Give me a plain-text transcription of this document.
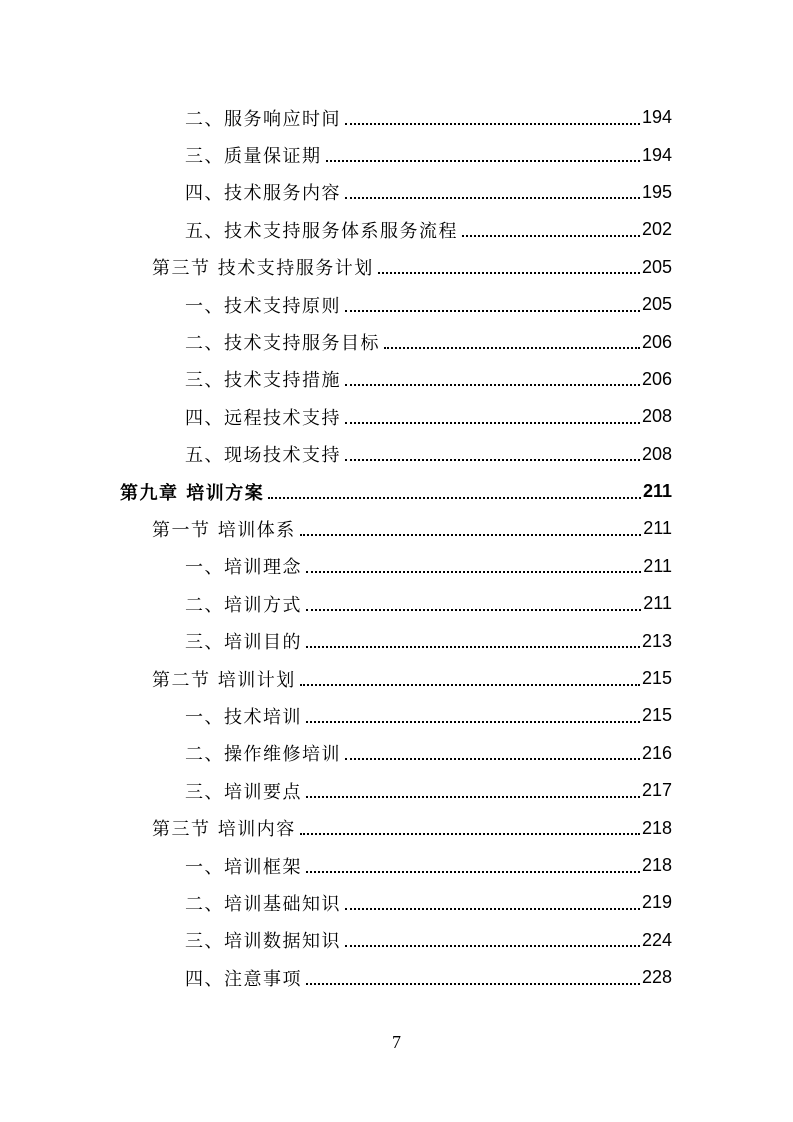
二、服务响应时间	194
三、质量保证期	194
四、技术服务内容	195
五、技术支持服务体系服务流程	202
第三节 技术支持服务计划	205
一、技术支持原则	205
二、技术支持服务目标	206
三、技术支持措施	206
四、远程技术支持	208
五、现场技术支持	208
第九章 培训方案	211
第一节 培训体系	211
一、培训理念	211
二、培训方式	211
三、培训目的	213
第二节 培训计划	215
一、技术培训	215
二、操作维修培训	216
三、培训要点	217
第三节 培训内容	218
一、培训框架	218
二、培训基础知识	219
三、培训数据知识	224
四、注意事项	228
7
